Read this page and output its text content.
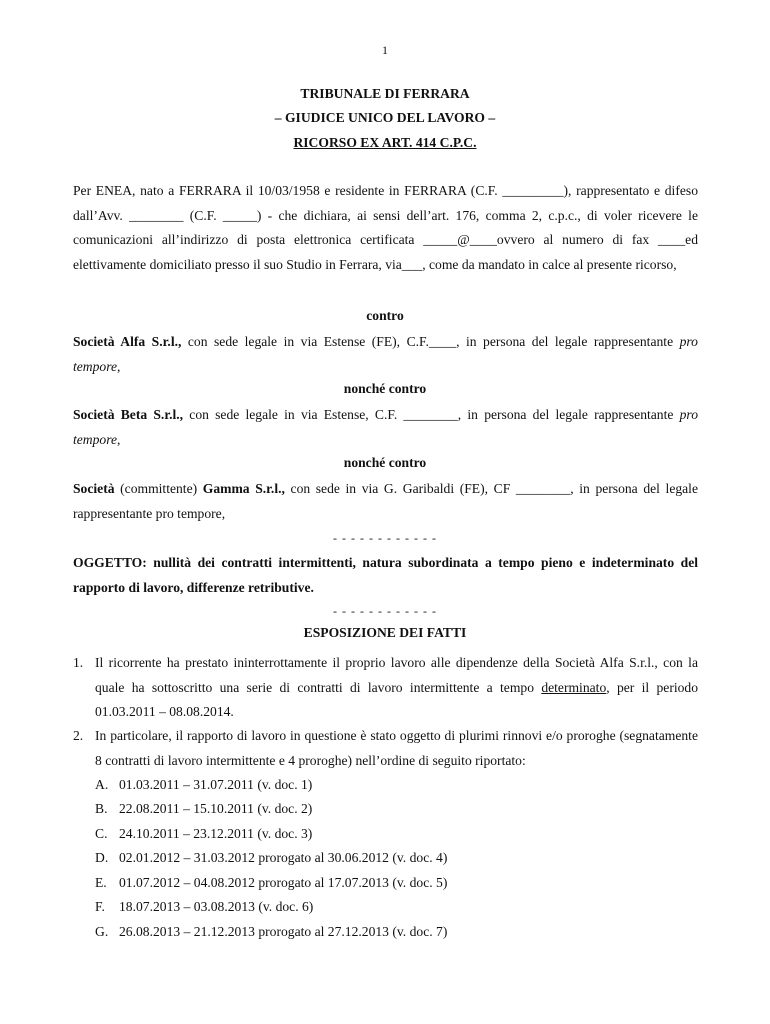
1
TRIBUNALE DI FERRARA
– GIUDICE UNICO DEL LAVORO –
RICORSO EX ART. 414 C.P.C.
Per ENEA, nato a FERRARA il 10/03/1958 e residente in FERRARA (C.F. _________), rappresentato e difeso dall’Avv. ________ (C.F. _____) - che dichiara, ai sensi dell’art. 176, comma 2, c.p.c., di voler ricevere le comunicazioni all’indirizzo di posta elettronica certificata _____@____ovvero al numero di fax ____ed elettivamente domiciliato presso il suo Studio in Ferrara, via___, come da mandato in calce al presente ricorso,
contro
Società Alfa S.r.l., con sede legale in via Estense (FE), C.F.____, in persona del legale rappresentante pro tempore,
nonché contro
Società Beta S.r.l., con sede legale in via Estense, C.F. ________, in persona del legale rappresentante pro tempore,
nonché contro
Società (committente) Gamma S.r.l., con sede in via G. Garibaldi (FE), CF ________, in persona del legale rappresentante pro tempore,
- - - - - - - - - - - -
OGGETTO: nullità dei contratti intermittenti, natura subordinata a tempo pieno e indeterminato del rapporto di lavoro, differenze retributive.
- - - - - - - - - - - -
ESPOSIZIONE DEI FATTI
1. Il ricorrente ha prestato ininterrottamente il proprio lavoro alle dipendenze della Società Alfa S.r.l., con la quale ha sottoscritto una serie di contratti di lavoro intermittente a tempo determinato, per il periodo 01.03.2011 – 08.08.2014.
2. In particolare, il rapporto di lavoro in questione è stato oggetto di plurimi rinnovi e/o proroghe (segnatamente 8 contratti di lavoro intermittente e 4 proroghe) nell’ordine di seguito riportato:
A. 01.03.2011 – 31.07.2011 (v. doc. 1)
B. 22.08.2011 – 15.10.2011 (v. doc. 2)
C. 24.10.2011 – 23.12.2011 (v. doc. 3)
D. 02.01.2012 – 31.03.2012 prorogato al 30.06.2012 (v. doc. 4)
E. 01.07.2012 – 04.08.2012 prorogato al 17.07.2013 (v. doc. 5)
F.	18.07.2013 – 03.08.2013 (v. doc. 6)
G. 26.08.2013 – 21.12.2013 prorogato al 27.12.2013 (v. doc. 7)
